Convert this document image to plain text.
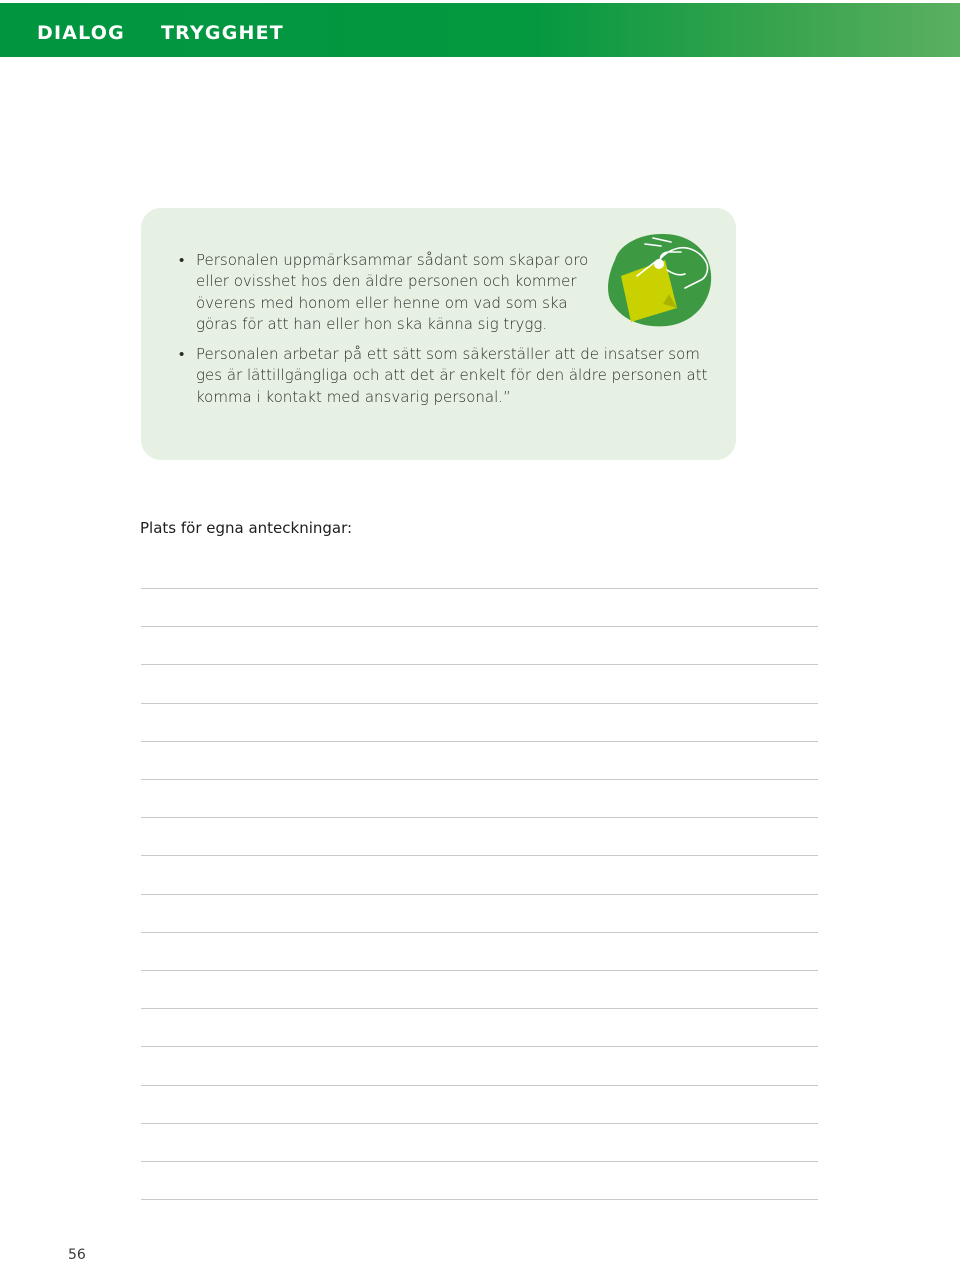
DIALOG TRYGGHET
• Personalen uppmärksammar sådant som skapar oro eller ovisshet hos den äldre personen och kommer överens med honom eller henne om vad som ska göras för att han eller hon ska känna sig trygg.
• Personalen arbetar på ett sätt som säkerställer att de insatser som ges är lättillgängliga och att det är enkelt för den äldre personen att komma i kontakt med ansvarig personal.”
Plats för egna anteckningar:
56
